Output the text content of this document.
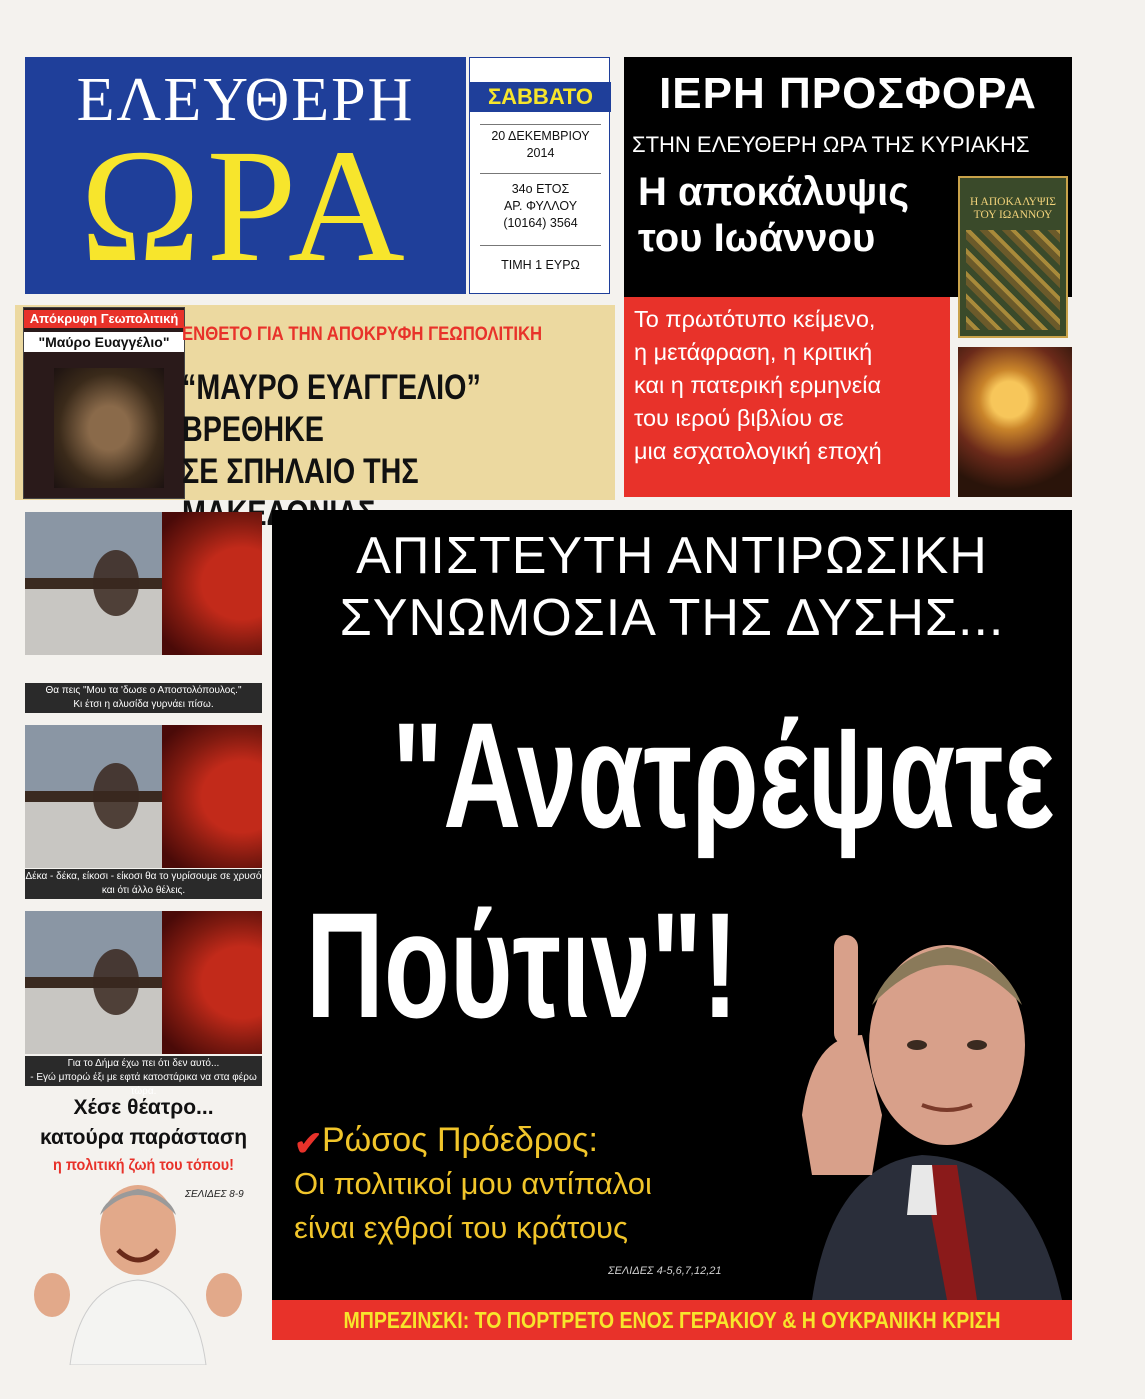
ΕΛΕΥΘΕΡΗ
ΩΡΑ
ΣΑΒΒΑΤΟ
20 ΔΕΚΕΜΒΡΙΟΥ
2014
34ο ΕΤΟΣ
ΑΡ. ΦΥΛΛΟΥ
(10164) 3564
ΤΙΜΗ 1 ΕΥΡΩ
ΙΕΡΗ ΠΡΟΣΦΟΡΑ
ΣΤΗΝ ΕΛΕΥΘΕΡΗ ΩΡΑ ΤΗΣ ΚΥΡΙΑΚΗΣ
Η αποκάλυψις
του Ιωάννου
Το πρωτότυπο κείμενο,
η μετάφραση, η κριτική
και η πατερική ερμηνεία
του ιερού βιβλίου σε
μια εσχατολογική εποχή
Η ΑΠΟΚΑΛΥΨΙΣ
ΤΟΥ ΙΩΑΝΝΟΥ
Απόκρυφη Γεωπολιτική
"Μαύρο Ευαγγέλιο" ΕΝΘΕΤΟ ΓΙΑ ΤΗΝ ΑΠΟΚΡΥΦΗ ΓΕΩΠΟΛΙΤΙΚΗ
“ΜΑΥΡΟ ΕΥΑΓΓΕΛΙΟ” ΒΡΕΘΗΚΕ
ΣΕ ΣΠΗΛΑΙΟ ΤΗΣ
Θα πεις "Μου τα 'δωσε ο Αποστολόπουλος."
Κι έτσι η αλυσίδα γυρνάει πίσω.
Δέκα - δέκα, είκοσι - είκοσι θα το γυρίσουμε σε χρυσό
και ότι άλλο θέλεις.
Για το Δήμα έχω πει ότι δεν αυτό...
- Εγώ μπορώ έξι με εφτά κατοστάρικα να στα φέρω τώρα.
Χέσε θέατρο...
κατούρα παράσταση
η πολιτική ζωή του τόπου!
ΣΕΛΙΔΕΣ 8-9
ΑΠΙΣΤΕΥΤΗ ΑΝΤΙΡΩΣΙΚΗ
ΣΥΝΩΜΟΣΙΑ ΤΗΣ ΔΥΣΗΣ...
"Ανατρέψατε
Πούτιν"!
✔ Ρώσος Πρόεδρος:
Οι πολιτικοί μου αντίπαλοι
είναι εχθροί του κράτους
ΣΕΛΙΔΕΣ 4-5,6,7,12,21
ΜΠΡΕΖΙΝΣΚΙ: ΤΟ ΠΟΡΤΡΕΤΟ ΕΝΟΣ ΓΕΡΑΚΙΟΥ & Η ΟΥΚΡΑΝΙΚΗ ΚΡΙΣΗ
